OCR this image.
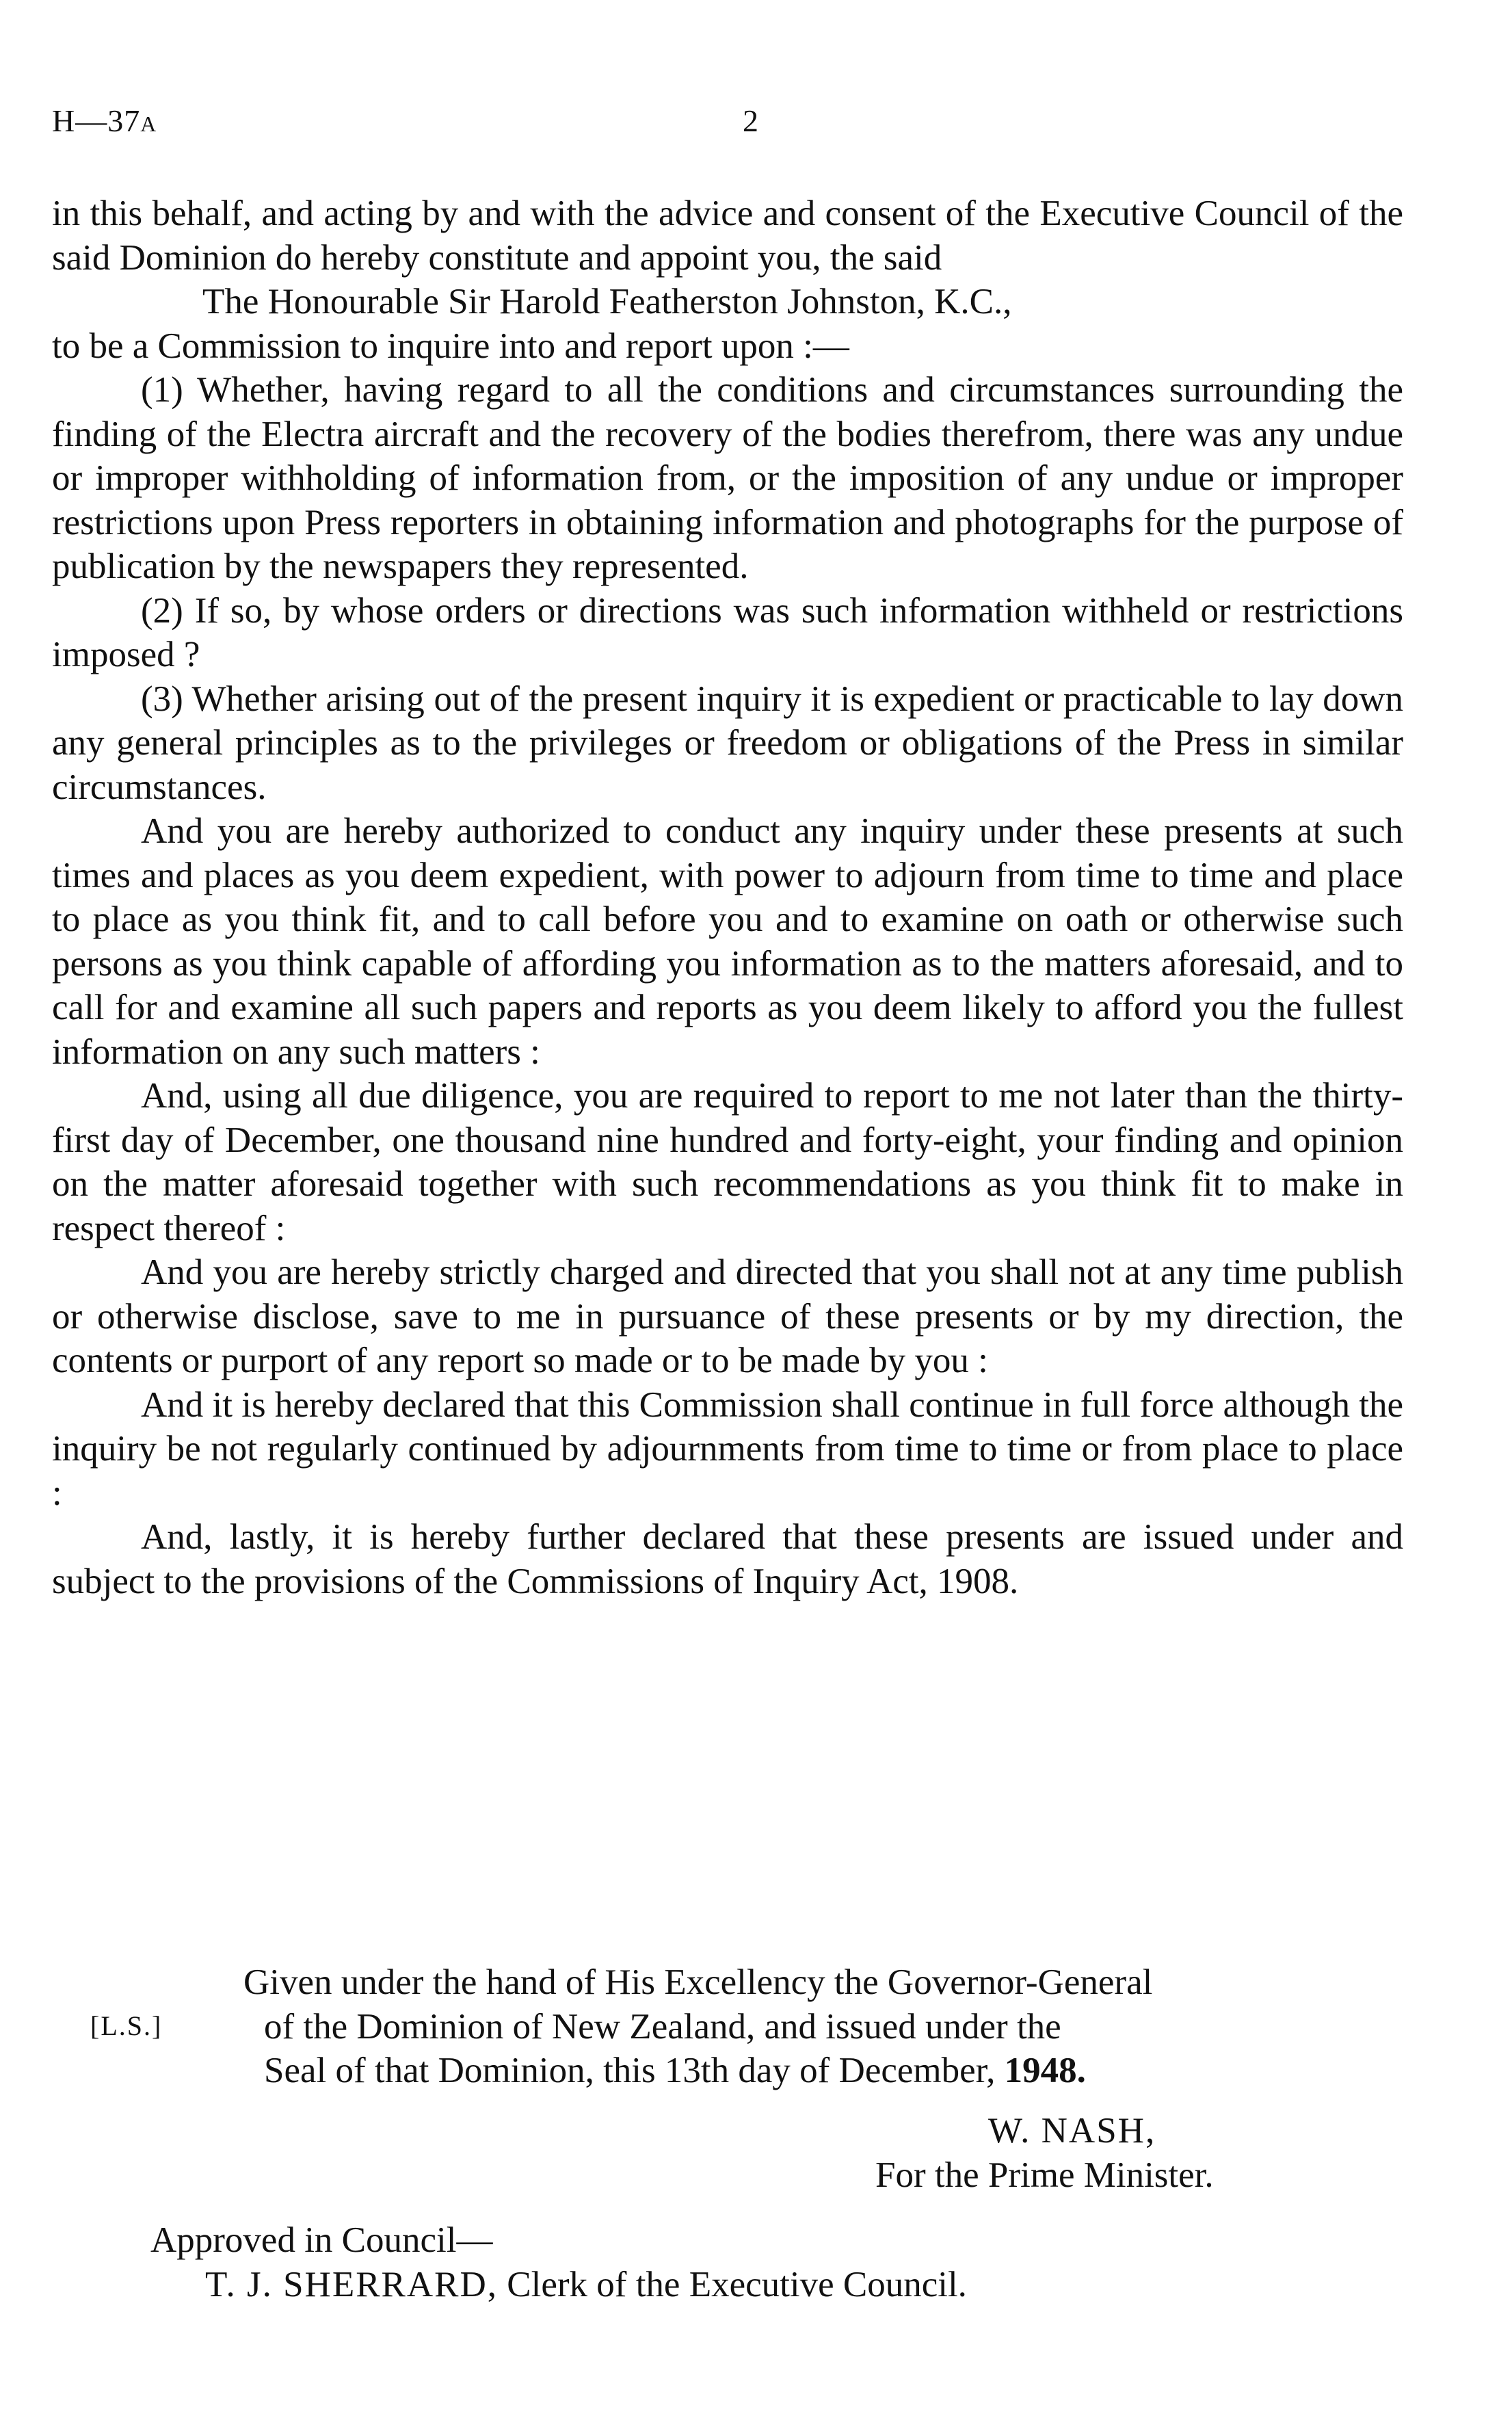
H—37A	2

in this behalf, and acting by and with the advice and consent of the Executive Council of the said Dominion do hereby constitute and appoint you, the said

The Honourable Sir Harold Featherston Johnston, K.C.,

to be a Commission to inquire into and report upon :—

(1) Whether, having regard to all the conditions and circumstances surrounding the finding of the Electra aircraft and the recovery of the bodies therefrom, there was any undue or improper withholding of information from, or the imposition of any undue or improper restrictions upon Press reporters in obtaining information and photographs for the purpose of publication by the newspapers they represented.

(2) If so, by whose orders or directions was such information withheld or restrictions imposed ?

(3) Whether arising out of the present inquiry it is expedient or practicable to lay down any general principles as to the privileges or freedom or obligations of the Press in similar circumstances.

And you are hereby authorized to conduct any inquiry under these presents at such times and places as you deem expedient, with power to adjourn from time to time and place to place as you think fit, and to call before you and to examine on oath or otherwise such persons as you think capable of affording you information as to the matters aforesaid, and to call for and examine all such papers and reports as you deem likely to afford you the fullest information on any such matters :

And, using all due diligence, you are required to report to me not later than the thirty-first day of December, one thousand nine hundred and forty-eight, your finding and opinion on the matter aforesaid together with such recommendations as you think fit to make in respect thereof :

And you are hereby strictly charged and directed that you shall not at any time publish or otherwise disclose, save to me in pursuance of these presents or by my direction, the contents or purport of any report so made or to be made by you :

And it is hereby declared that this Commission shall continue in full force although the inquiry be not regularly continued by adjournments from time to time or from place to place :

And, lastly, it is hereby further declared that these presents are issued under and subject to the provisions of the Commissions of Inquiry Act, 1908.

[L.S.]
Given under the hand of His Excellency the Governor-General
of the Dominion of New Zealand, and issued under the
Seal of that Dominion, this 13th day of December, 1948.
W. NASH,
For the Prime Minister.
Approved in Council—
T. J. SHERRARD, Clerk of the Executive Council.
